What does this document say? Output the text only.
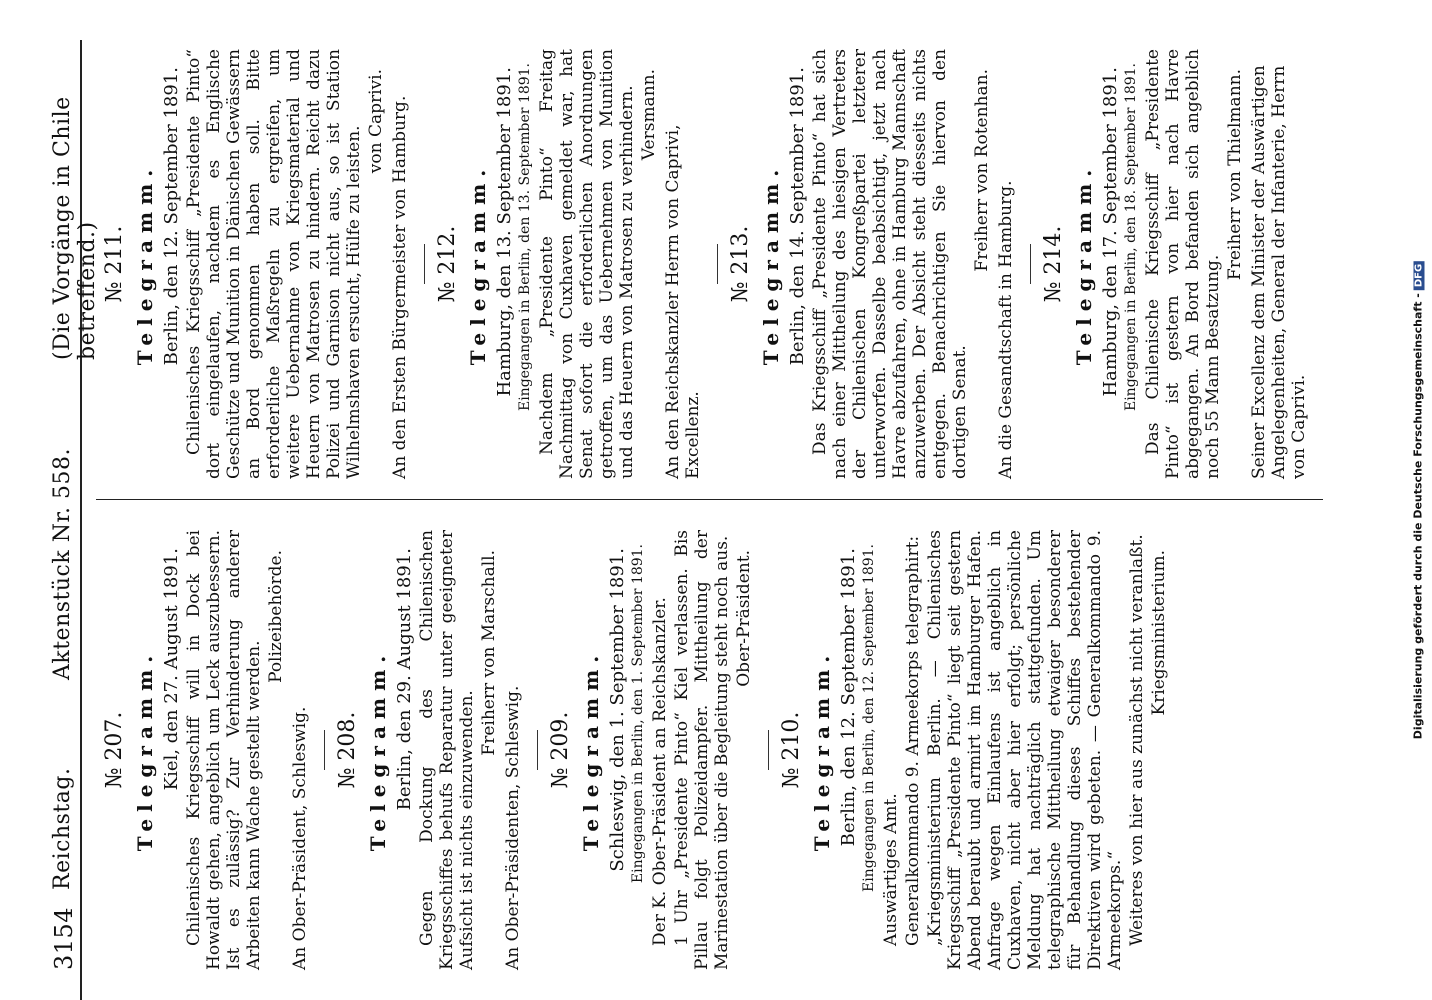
3154
Reichstag.
Aktenstück Nr. 558.
(Die Vorgänge in Chile betreffend.)
№ 207. Telegramm. Kiel, den 27. August 1891. Chilenisches Kriegsschiff will in Dock bei Howaldt gehen, angeblich um Leck auszubessern. Ist es zulässig? Zur Verhinderung anderer Arbeiten kann Wache gestellt werden.
Polizeibehörde.
An Ober-Präsident, Schleswig. № 208. Telegramm. Berlin, den 29. August 1891. Gegen Dockung des Chilenischen Kriegsschiffes behufs Reparatur unter geeigneter Aufsicht ist nichts einzuwenden.
Freiherr von Marschall.
An Ober-Präsidenten, Schleswig. № 209. Telegramm. Schleswig, den 1. September 1891. Eingegangen in Berlin, den 1. September 1891. Der K. Ober-Präsident an Reichskanzler. 1 Uhr „Presidente Pinto“ Kiel verlassen. Bis Pillau folgt Polizeidampfer. Mittheilung der Marinestation über die Begleitung steht noch aus. Ober-Präsident.
№ 210. Telegramm. Berlin, den 12. September 1891. Eingegangen in Berlin, den 12. September 1891. Auswärtiges Amt. Generalkommando 9. Armeekorps telegraphirt: „Kriegsministerium Berlin. — Chilenisches Kriegsschiff „Presidente Pinto“ liegt seit gestern Abend beraubt und armirt im Hamburger Hafen. Anfrage wegen Einlaufens ist angeblich in Cuxhaven, nicht aber hier erfolgt; persönliche Meldung hat nachträglich stattgefunden. Um telegraphische Mittheilung etwaiger besonderer für Behandlung dieses Schiffes bestehender Direktiven wird gebeten. — Generalkommando 9. Armeekorps.“ Weiteres von hier aus zunächst nicht veranlaßt. Kriegsministerium.
№ 211. Telegramm. Berlin, den 12. September 1891. Chilenisches Kriegsschiff „Presidente Pinto“ dort eingelaufen, nachdem es Englische Geschütze und Munition in Dänischen Gewässern an Bord genommen haben soll. Bitte erforderliche Maßregeln zu ergreifen, um weitere Uebernahme von Kriegsmaterial und Heuern von Matrosen zu hindern. Reicht dazu Polizei und Garnison nicht aus, so ist Station Wilhelmshaven ersucht, Hülfe zu leisten.
von Caprivi. An den Ersten Bürgermeister von Hamburg. № 212. Telegramm. Hamburg, den 13. September 1891. Eingegangen in Berlin, den 13. September 1891. Nachdem „Presidente Pinto“ Freitag Nachmittag von Cuxhaven gemeldet war, hat Senat sofort die erforderlichen Anordnungen getroffen, um das Uebernehmen von Munition und das Heuern von Matrosen zu verhindern. Versmann.
An den Reichskanzler Herrn von Caprivi, Excellenz.
№ 213. Telegramm. Berlin, den 14. September 1891. Das Kriegsschiff „Presidente Pinto“ hat sich nach einer Mittheilung des hiesigen Vertreters der Chilenischen Kongreßpartei letzterer unterworfen. Dasselbe beabsichtigt, jetzt nach Havre abzufahren, ohne in Hamburg Mannschaft anzuwerben. Der Absicht steht diesseits nichts entgegen. Benachrichtigen Sie hiervon den dortigen Senat.
Freiherr von Rotenhan.
An die Gesandtschaft in Hamburg. № 214. Telegramm. Hamburg, den 17. September 1891. Eingegangen in Berlin, den 18. September 1891. Das Chilenische Kriegsschiff „Presidente Pinto“ ist gestern von hier nach Havre abgegangen. An Bord befanden sich angeblich noch 55 Mann Besatzung.
Freiherr von Thielmann. Seiner Excellenz dem Minister der Auswärtigen Angelegenheiten, General der Infanterie, Herrn von Caprivi.	Digitalisierung gefördert durch die Deutsche Forschungsgemeinschaft -DFG
